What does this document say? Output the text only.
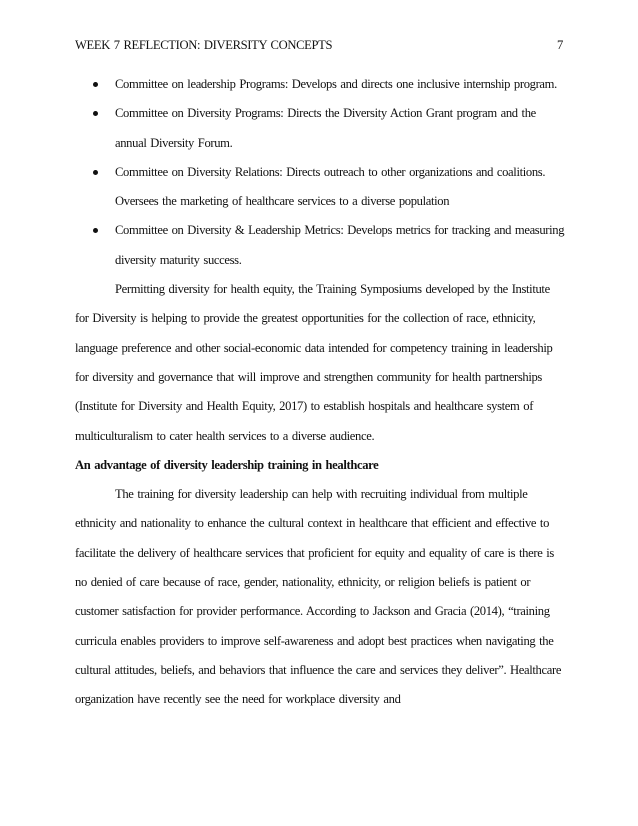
WEEK 7 REFLECTION: DIVERSITY CONCEPTS	7
Committee on leadership Programs: Develops and directs one inclusive internship program.
Committee on Diversity Programs: Directs the Diversity Action Grant program and the annual Diversity Forum.
Committee on Diversity Relations: Directs outreach to other organizations and coalitions. Oversees the marketing of healthcare services to a diverse population
Committee on Diversity & Leadership Metrics: Develops metrics for tracking and measuring diversity maturity success.

Permitting diversity for health equity, the Training Symposiums developed by the Institute for Diversity is helping to provide the greatest opportunities for the collection of race, ethnicity, language preference and other social-economic data intended for competency training in leadership for diversity and governance that will improve and strengthen community for health partnerships (Institute for Diversity and Health Equity, 2017) to establish hospitals and healthcare system of multiculturalism to cater health services to a diverse audience.

An advantage of diversity leadership training in healthcare

The training for diversity leadership can help with recruiting individual from multiple ethnicity and nationality to enhance the cultural context in healthcare that efficient and effective to facilitate the delivery of healthcare services that proficient for equity and equality of care is there is no denied of care because of race, gender, nationality, ethnicity, or religion beliefs is patient or customer satisfaction for provider performance. According to Jackson and Gracia (2014), “training curricula enables providers to improve self-awareness and adopt best practices when navigating the cultural attitudes, beliefs, and behaviors that influence the care and services they deliver”. Healthcare organization have recently see the need for workplace diversity and
